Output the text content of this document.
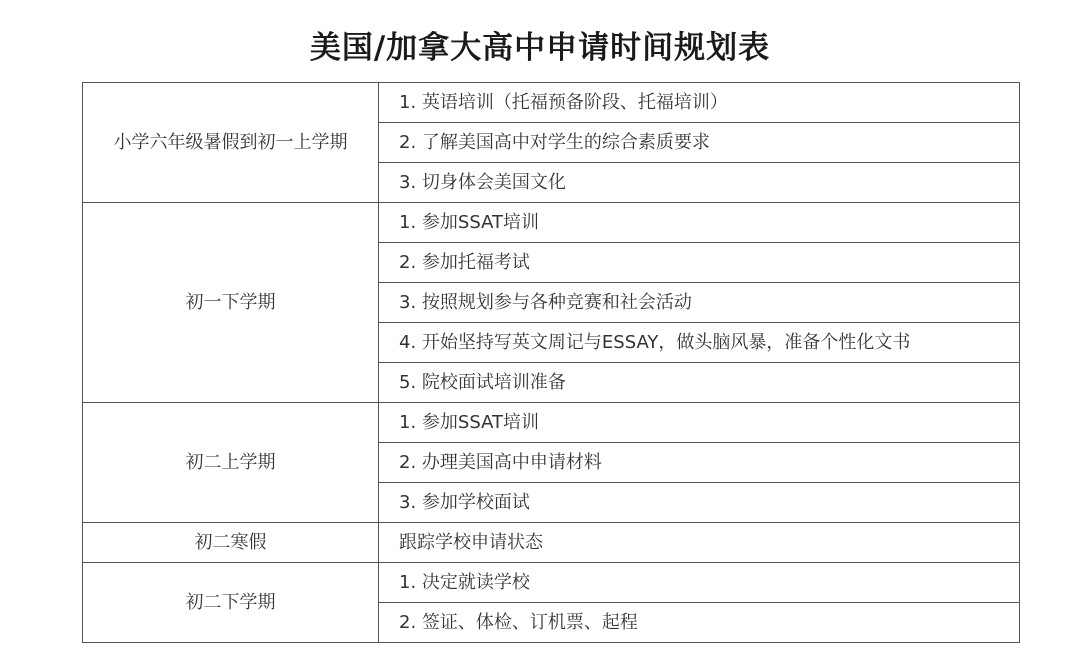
美国/加拿大高中申请时间规划表
小学六年级暑假到初一上学期	1. 英语培训（托福预备阶段、托福培训）
	2. 了解美国高中对学生的综合素质要求
	3. 切身体会美国文化
初一下学期	1. 参加SSAT培训
	2. 参加托福考试
	3. 按照规划参与各种竞赛和社会活动
	4. 开始坚持写英文周记与ESSAY，做头脑风暴，准备个性化文书
	5. 院校面试培训准备
初二上学期	1. 参加SSAT培训
	2. 办理美国高中申请材料
	3. 参加学校面试
初二寒假	跟踪学校申请状态
初二下学期	1. 决定就读学校
	2. 签证、体检、订机票、起程
